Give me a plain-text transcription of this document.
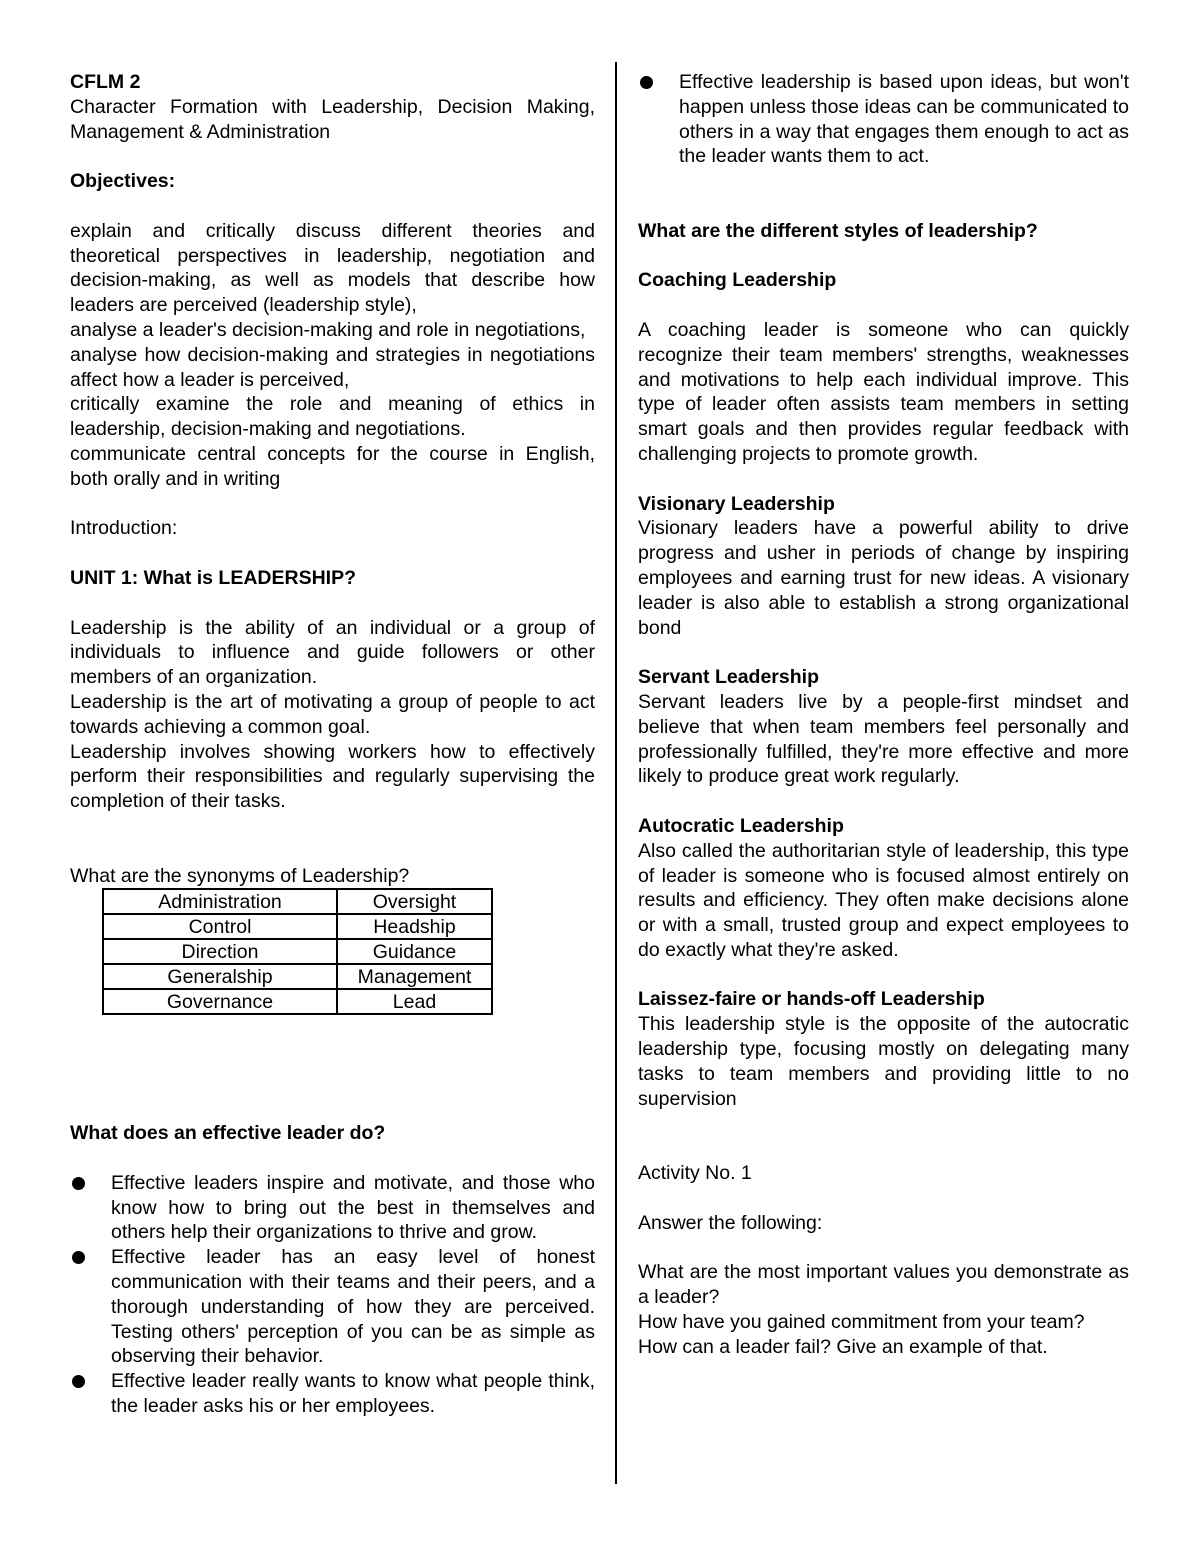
CFLM 2

Character Formation with Leadership, Decision Making, Management & Administration

Objectives:

explain and critically discuss different theories and theoretical perspectives in leadership, negotiation and decision-making, as well as models that describe how leaders are perceived (leadership style),

analyse a leader's decision-making and role in negotiations,

analyse how decision-making and strategies in negotiations affect how a leader is perceived,

critically examine the role and meaning of ethics in leadership, decision-making and negotiations.

communicate central concepts for the course in English, both orally and in writing

Introduction:

UNIT 1: What is LEADERSHIP?

Leadership is the ability of an individual or a group of individuals to influence and guide followers or other members of an organization.

Leadership is the art of motivating a group of people to act towards achieving a common goal.

Leadership involves showing workers how to effectively perform their responsibilities and regularly supervising the completion of their tasks.

What are the synonyms of Leadership?

Administration	Oversight
Control	Headship
Direction	Guidance
Generalship	Management
Governance	Lead

What does an effective leader do?

Effective leaders inspire and motivate, and those who know how to bring out the best in themselves and others help their organizations to thrive and grow.
Effective leader has an easy level of honest communication with their teams and their peers, and a thorough understanding of how they are perceived. Testing others' perception of you can be as simple as observing their behavior.
Effective leader really wants to know what people think, the leader asks his or her employees.
Effective leadership is based upon ideas, but won't happen unless those ideas can be communicated to others in a way that engages them enough to act as the leader wants them to act.

What are the different styles of leadership?

Coaching Leadership

A coaching leader is someone who can quickly recognize their team members' strengths, weaknesses and motivations to help each individual improve. This type of leader often assists team members in setting smart goals and then provides regular feedback with challenging projects to promote growth.

Visionary Leadership

Visionary leaders have a powerful ability to drive progress and usher in periods of change by inspiring employees and earning trust for new ideas. A visionary leader is also able to establish a strong organizational bond

Servant Leadership

Servant leaders live by a people-first mindset and believe that when team members feel personally and professionally fulfilled, they're more effective and more likely to produce great work regularly.

Autocratic Leadership

Also called the authoritarian style of leadership, this type of leader is someone who is focused almost entirely on results and efficiency. They often make decisions alone or with a small, trusted group and expect employees to do exactly what they're asked.

Laissez-faire or hands-off Leadership

This leadership style is the opposite of the autocratic leadership type, focusing mostly on delegating many tasks to team members and providing little to no supervision

Activity No. 1

Answer the following:

What are the most important values you demonstrate as a leader?

How have you gained commitment from your team?

How can a leader fail? Give an example of that.
